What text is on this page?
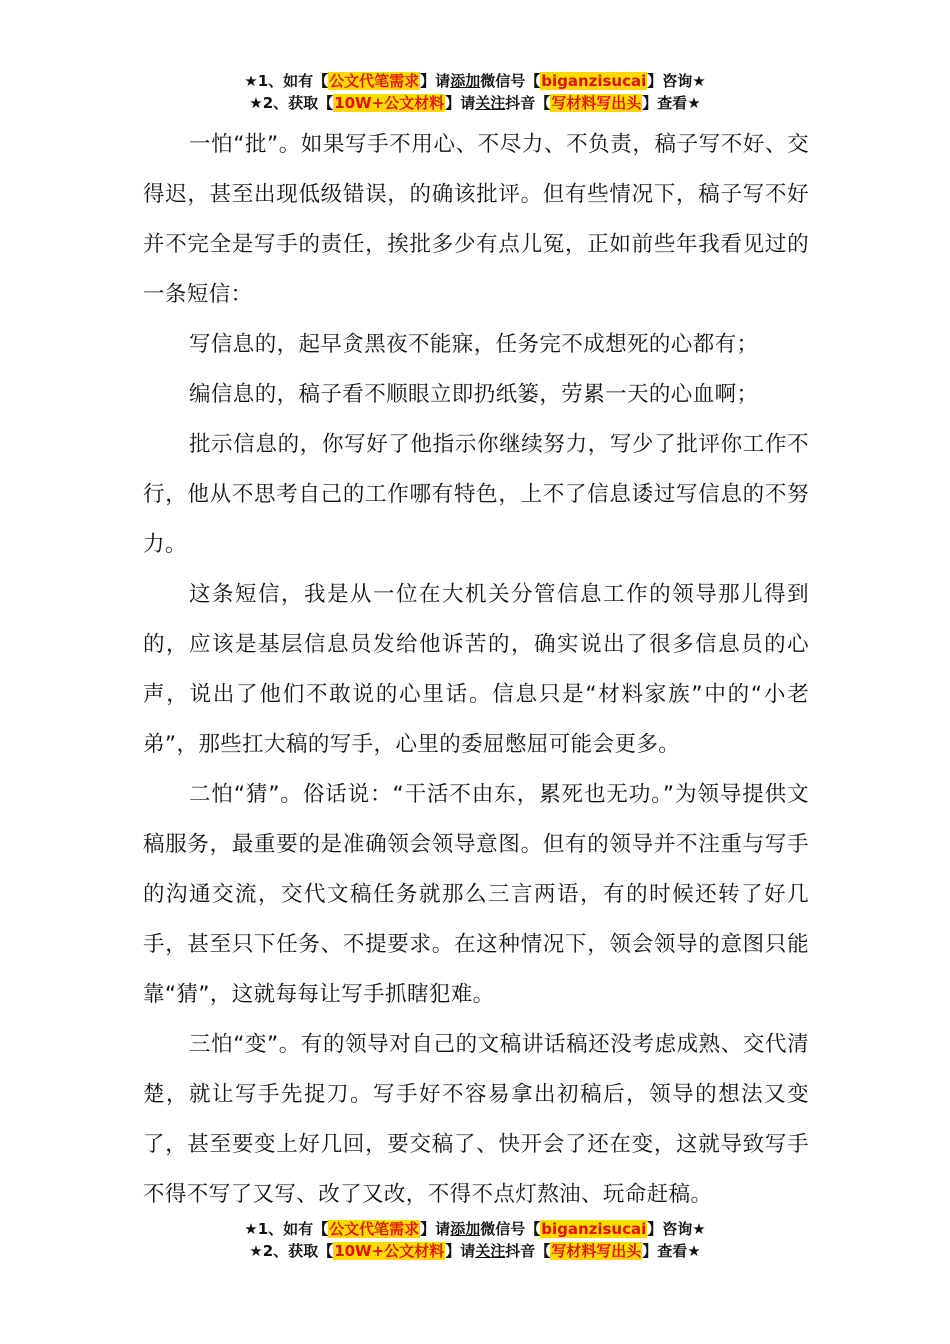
★1、如有【公文代笔需求】请添加微信号【biganzisucai】咨询★
★2、获取【10W+公文材料】请关注抖音【写材料写出头】查看★

一怕“批”。如果写手不用心、不尽力、不负责，稿子写不好、交得迟，甚至出现低级错误，的确该批评。但有些情况下，稿子写不好并不完全是写手的责任，挨批多少有点儿冤，正如前些年我看见过的一条短信：

写信息的，起早贪黑夜不能寐，任务完不成想死的心都有；

编信息的，稿子看不顺眼立即扔纸篓，劳累一天的心血啊；

批示信息的，你写好了他指示你继续努力，写少了批评你工作不行，他从不思考自己的工作哪有特色，上不了信息诿过写信息的不努力。

这条短信，我是从一位在大机关分管信息工作的领导那儿得到的，应该是基层信息员发给他诉苦的，确实说出了很多信息员的心声，说出了他们不敢说的心里话。信息只是“材料家族”中的“小老弟”，那些扛大稿的写手，心里的委屈憋屈可能会更多。

二怕“猜”。俗话说：“干活不由东，累死也无功。”为领导提供文稿服务，最重要的是准确领会领导意图。但有的领导并不注重与写手的沟通交流，交代文稿任务就那么三言两语，有的时候还转了好几手，甚至只下任务、不提要求。在这种情况下，领会领导的意图只能靠“猜”，这就每每让写手抓瞎犯难。

三怕“变”。有的领导对自己的文稿讲话稿还没考虑成熟、交代清楚，就让写手先捉刀。写手好不容易拿出初稿后，领导的想法又变了，甚至要变上好几回，要交稿了、快开会了还在变，这就导致写手不得不写了又写、改了又改，不得不点灯熬油、玩命赶稿。

★1、如有【公文代笔需求】请添加微信号【biganzisucai】咨询★
★2、获取【10W+公文材料】请关注抖音【写材料写出头】查看★
